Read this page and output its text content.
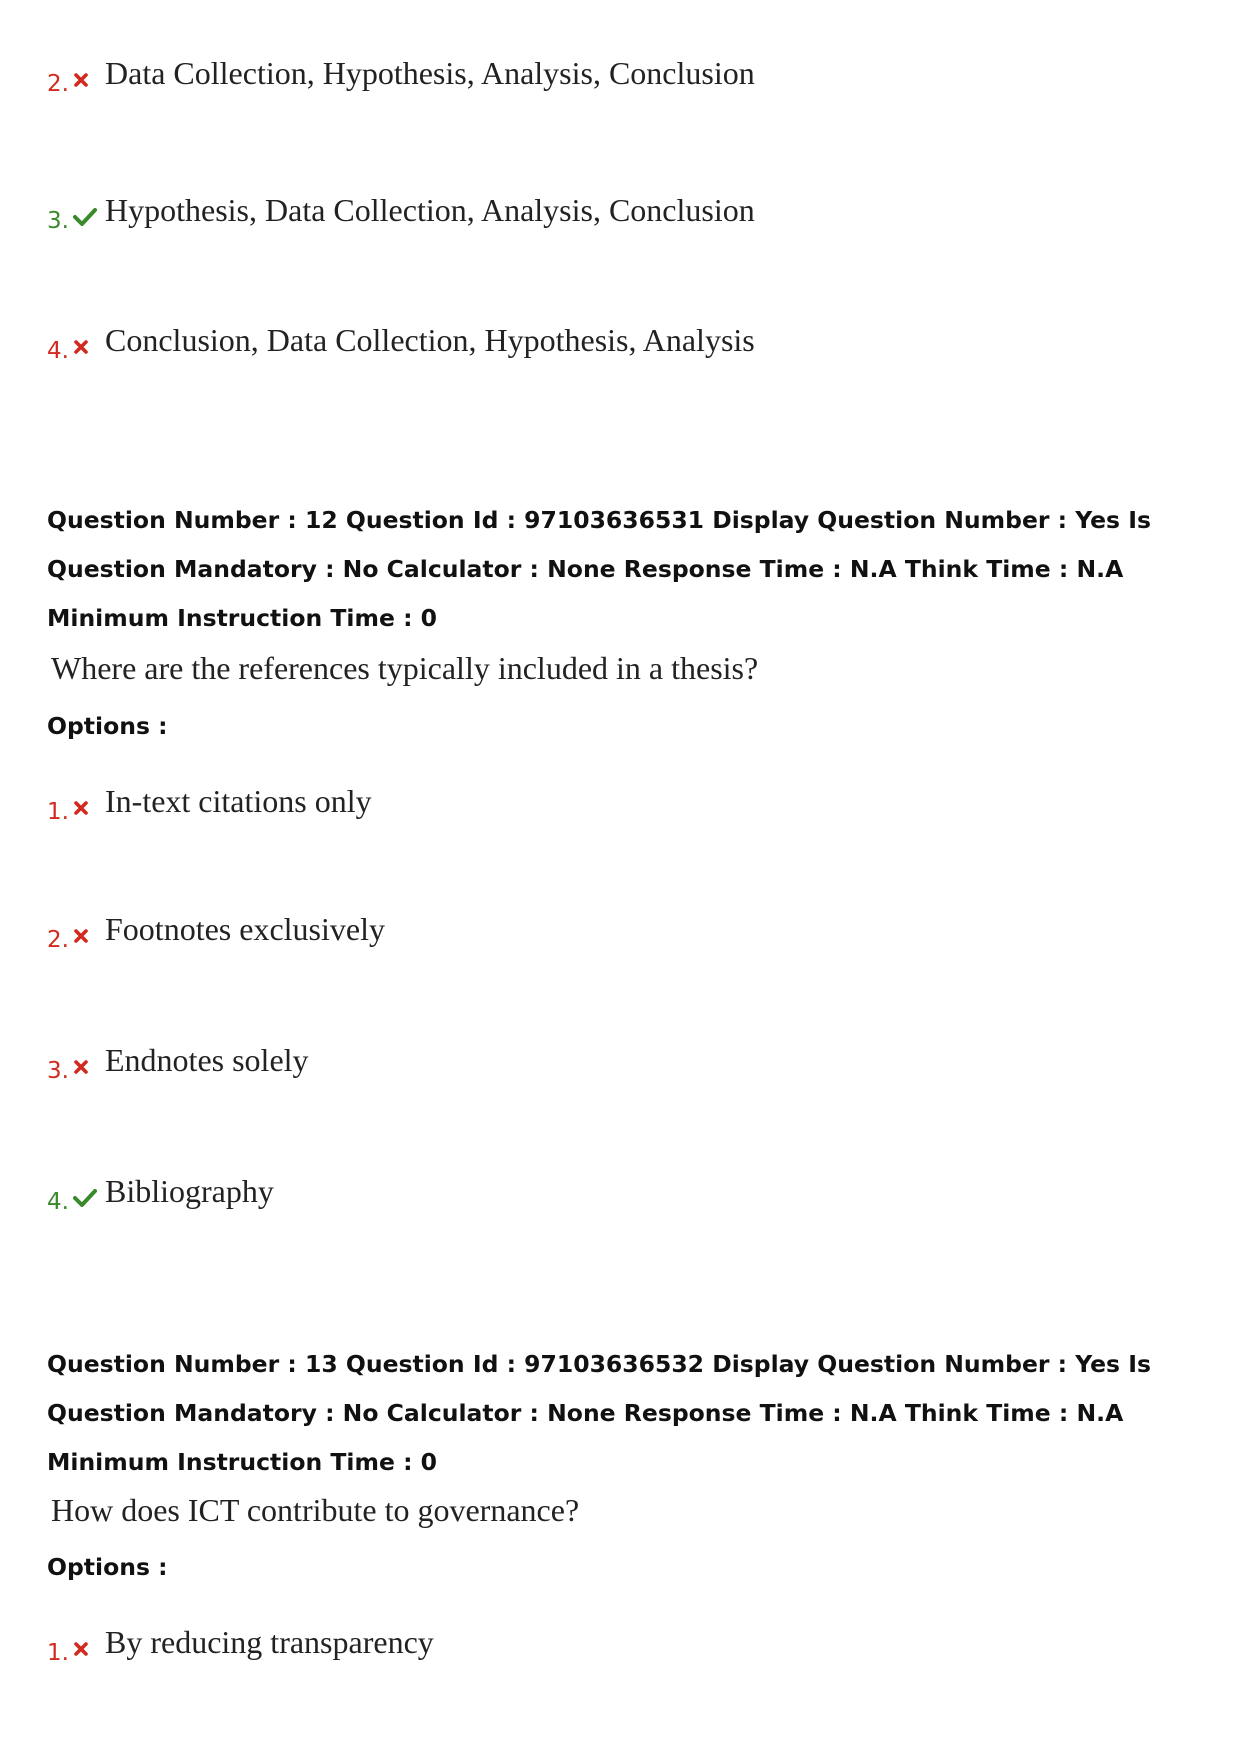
2. Data Collection, Hypothesis, Analysis, Conclusion
3. Hypothesis, Data Collection, Analysis, Conclusion
4. Conclusion, Data Collection, Hypothesis, Analysis
Question Number : 12 Question Id : 97103636531 Display Question Number : Yes Is Question Mandatory : No Calculator : None Response Time : N.A Think Time : N.A Minimum Instruction Time : 0
Where are the references typically included in a thesis?
Options :
1. In-text citations only
2. Footnotes exclusively
3. Endnotes solely
4. Bibliography
Question Number : 13 Question Id : 97103636532 Display Question Number : Yes Is Question Mandatory : No Calculator : None Response Time : N.A Think Time : N.A Minimum Instruction Time : 0
How does ICT contribute to governance?
Options :
1. By reducing transparency
